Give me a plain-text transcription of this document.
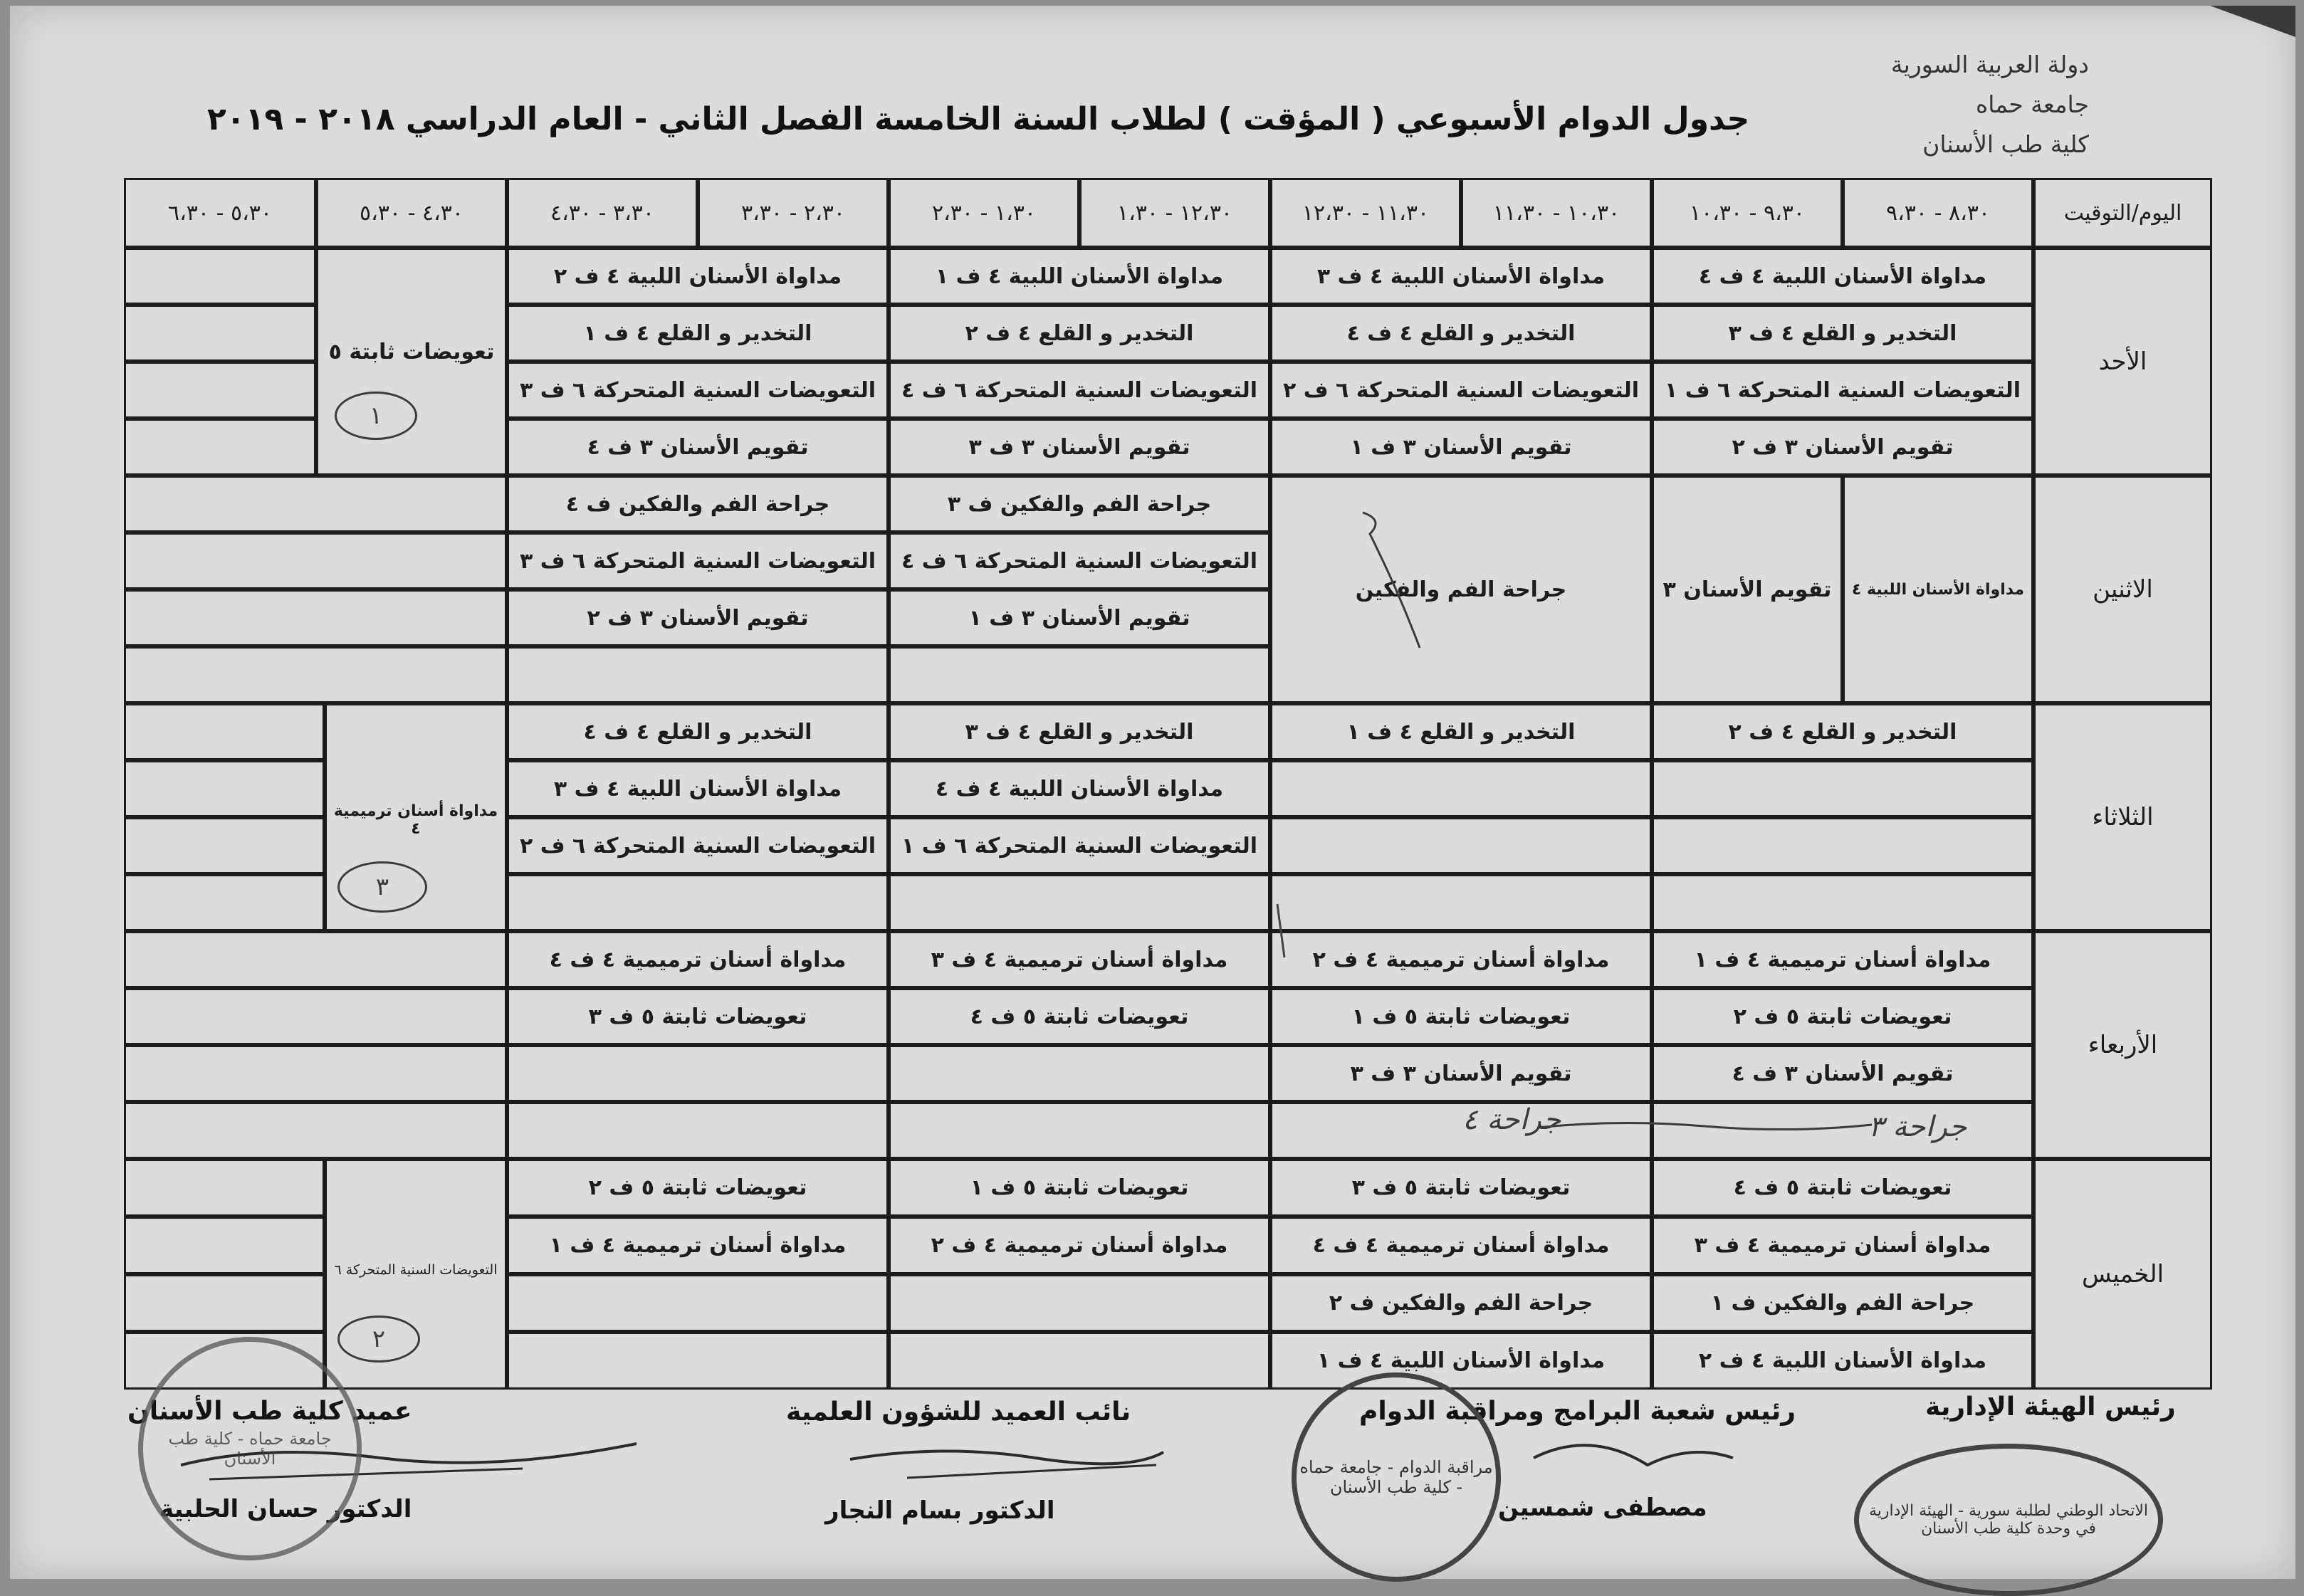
دولة العربية السورية
جامعة حماه
كلية طب الأسنان
جدول الدوام الأسبوعي ( المؤقت ) لطلاب السنة الخامسة الفصل الثاني - العام الدراسي ٢٠١٨ - ٢٠١٩
اليوم/التوقيت
٨،٣٠ - ٩،٣٠
٩،٣٠ - ١٠،٣٠
١٠،٣٠ - ١١،٣٠
١١،٣٠ - ١٢،٣٠
١٢،٣٠ - ١،٣٠
١،٣٠ - ٢،٣٠
٢،٣٠ - ٣،٣٠
٣،٣٠ - ٤،٣٠
٤،٣٠ - ٥،٣٠
٥،٣٠ - ٦،٣٠
الأحد
الاثنين
الثلاثاء
الأربعاء
الخميس
مداواة الأسنان اللبية ٤ ف ٤
التخدير و القلع ٤ ف ٣
التعويضات السنية المتحركة ٦ ف ١
تقويم الأسنان ٣ ف ٢
مداواة الأسنان اللبية ٤ ف ٣
التخدير و القلع ٤ ف ٤
التعويضات السنية المتحركة ٦ ف ٢
تقويم الأسنان ٣ ف ١
مداواة الأسنان اللبية ٤ ف ١
التخدير و القلع ٤ ف ٢
التعويضات السنية المتحركة ٦ ف ٤
تقويم الأسنان ٣ ف ٣
مداواة الأسنان اللبية ٤ ف ٢
التخدير و القلع ٤ ف ١
التعويضات السنية المتحركة ٦ ف ٣
تقويم الأسنان ٣ ف ٤
تعويضات ثابتة ٥
١
مداواة الأسنان اللبية ٤
تقويم الأسنان ٣
جراحة الفم والفكين
جراحة الفم والفكين ف ٣
التعويضات السنية المتحركة ٦ ف ٤
تقويم الأسنان ٣ ف ١
جراحة الفم والفكين ف ٤
التعويضات السنية المتحركة ٦ ف ٣
تقويم الأسنان ٣ ف ٢
التخدير و القلع ٤ ف ٢
التخدير و القلع ٤ ف ١
التخدير و القلع ٤ ف ٣
مداواة الأسنان اللبية ٤ ف ٤
التعويضات السنية المتحركة ٦ ف ١
التخدير و القلع ٤ ف ٤
مداواة الأسنان اللبية ٤ ف ٣
التعويضات السنية المتحركة ٦ ف ٢
مداواة أسنان ترميمية ٤
٣
مداواة أسنان ترميمية ٤ ف ١
تعويضات ثابتة ٥ ف ٢
تقويم الأسنان ٣ ف ٤
مداواة أسنان ترميمية ٤ ف ٢
تعويضات ثابتة ٥ ف ١
تقويم الأسنان ٣ ف ٣
مداواة أسنان ترميمية ٤ ف ٣
تعويضات ثابتة ٥ ف ٤
مداواة أسنان ترميمية ٤ ف ٤
تعويضات ثابتة ٥ ف ٣
جراحة ٣
جراحة ٤
تعويضات ثابتة ٥ ف ٤
مداواة أسنان ترميمية ٤ ف ٣
جراحة الفم والفكين ف ١
مداواة الأسنان اللبية ٤ ف ٢
تعويضات ثابتة ٥ ف ٣
مداواة أسنان ترميمية ٤ ف ٤
جراحة الفم والفكين ف ٢
مداواة الأسنان اللبية ٤ ف ١
تعويضات ثابتة ٥ ف ١
مداواة أسنان ترميمية ٤ ف ٢
تعويضات ثابتة ٥ ف ٢
مداواة أسنان ترميمية ٤ ف ١
التعويضات السنية المتحركة ٦
٢
رئيس الهيئة الإدارية
رئيس شعبة البرامج ومراقبة الدوام
مصطفى شمسين
نائب العميد للشؤون العلمية
الدكتور بسام النجار
عميد كلية طب الأسنان
الدكتور حسان الحلبية	الاتحاد الوطني لطلبة سورية - الهيئة الإدارية في وحدة كلية طب الأسنان
مراقبة الدوام - جامعة حماه - كلية طب الأسنان
جامعة حماه - كلية طب الأسنان
